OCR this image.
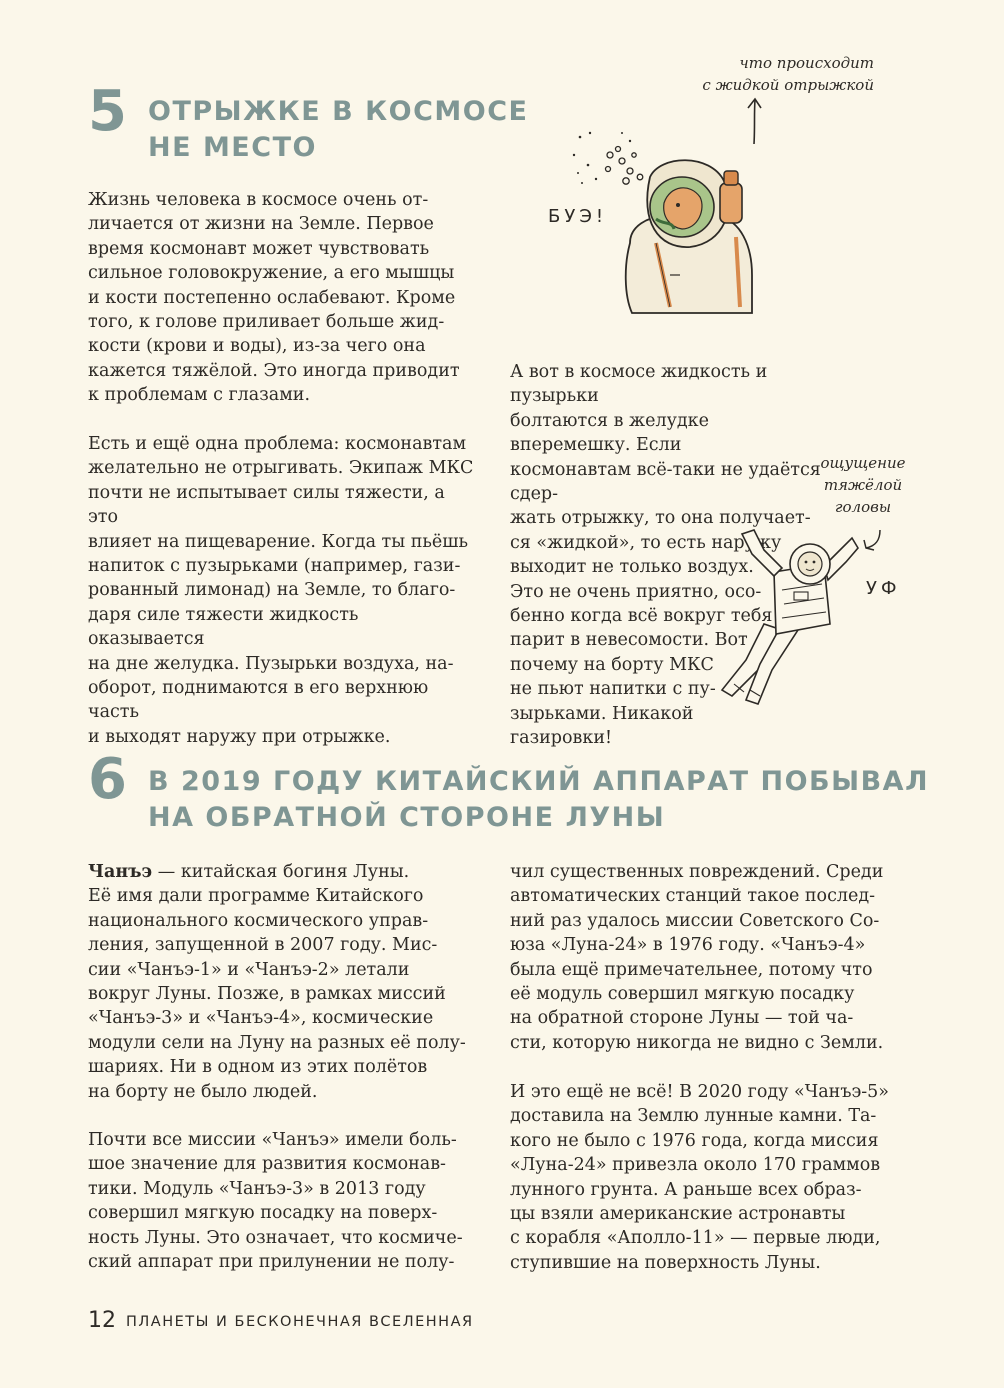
5 ОТРЫЖКЕ В КОСМОСЕ
НЕ МЕСТО
Жизнь человека в космосе очень от-
личается от жизни на Земле. Первое
время космонавт может чувствовать
сильное головокружение, а его мышцы
и кости постепенно ослабевают. Кроме
того, к голове приливает больше жид-
кости (крови и воды), из-за чего она
кажется тяжёлой. Это иногда приводит
к проблемам с глазами.
Есть и ещё одна проблема: космонавтам
желательно не отрыгивать. Экипаж МКС
почти не испытывает силы тяжести, а это
влияет на пищеварение. Когда ты пьёшь
напиток с пузырьками (например, гази-
рованный лимонад) на Земле, то благо-
даря силе тяжести жидкость оказывается
на дне желудка. Пузырьки воздуха, на-
оборот, поднимаются в его верхнюю часть
и выходят наружу при отрыжке.
А вот в космосе жидкость и пузырьки
болтаются в желудке вперемешку. Если
космонавтам всё-таки не удаётся сдер-
жать отрыжку, то она получает-
ся «жидкой», то есть
выходит не только воздух.
Это не очень приятно, осо-
бенно когда всё вокруг тебя
парит в невесомости. Вот
почему на борту МКС
не пьют напитки с пу-
зырьками. Никакой
газировки!
что происходит
с жидкой отрыжкой
БУЭ!
ощущение
тяжёлой
головы
УФ
6 В 2019 ГОДУ КИТАЙСКИЙ АППАРАТ ПОБЫВАЛ
НА ОБРАТНОЙ СТОРОНЕ ЛУНЫ
Чанъэ — китайская богиня Луны.
Её имя дали программе Китайского
национального космического управ-
ления, запущенной в 2007 году. Мис-
сии «Чанъэ-1» и «Чанъэ-2» летали
вокруг Луны. Позже, в рамках миссий
«Чанъэ-3» и «Чанъэ-4», космические
модули сели на Луну на разных её полу-
шариях. Ни в одном из этих полётов
на борту не было людей.
Почти все миссии «Чанъэ» имели боль-
шое значение для развития космонав-
тики. Модуль «Чанъэ-3» в 2013 году
совершил мягкую посадку на поверх-
ность Луны. Это означает, что космиче-
ский аппарат при прилунении не полу-
чил существенных повреждений. Среди
автоматических станций такое послед-
ний раз удалось миссии Советского Со-
юза «Луна-24» в 1976 году. «Чанъэ-4»
была ещё примечательнее, потому что
её модуль совершил мягкую посадку
на обратной стороне Луны — той ча-
сти, которую никогда не видно с Земли.
И это ещё не всё! В 2020 году «Чанъэ-5»
доставила на Землю лунные камни. Та-
кого не было с 1976 года, когда миссия
«Луна-24» привезла около 170 граммов
лунного грунта. А раньше всех образ-
цы взяли американские астронавты
с корабля «Аполло-11» — первые люди,
ступившие на поверхность Луны.
12 ПЛАНЕТЫ И БЕСКОНЕЧНАЯ ВСЕЛЕННАЯ
